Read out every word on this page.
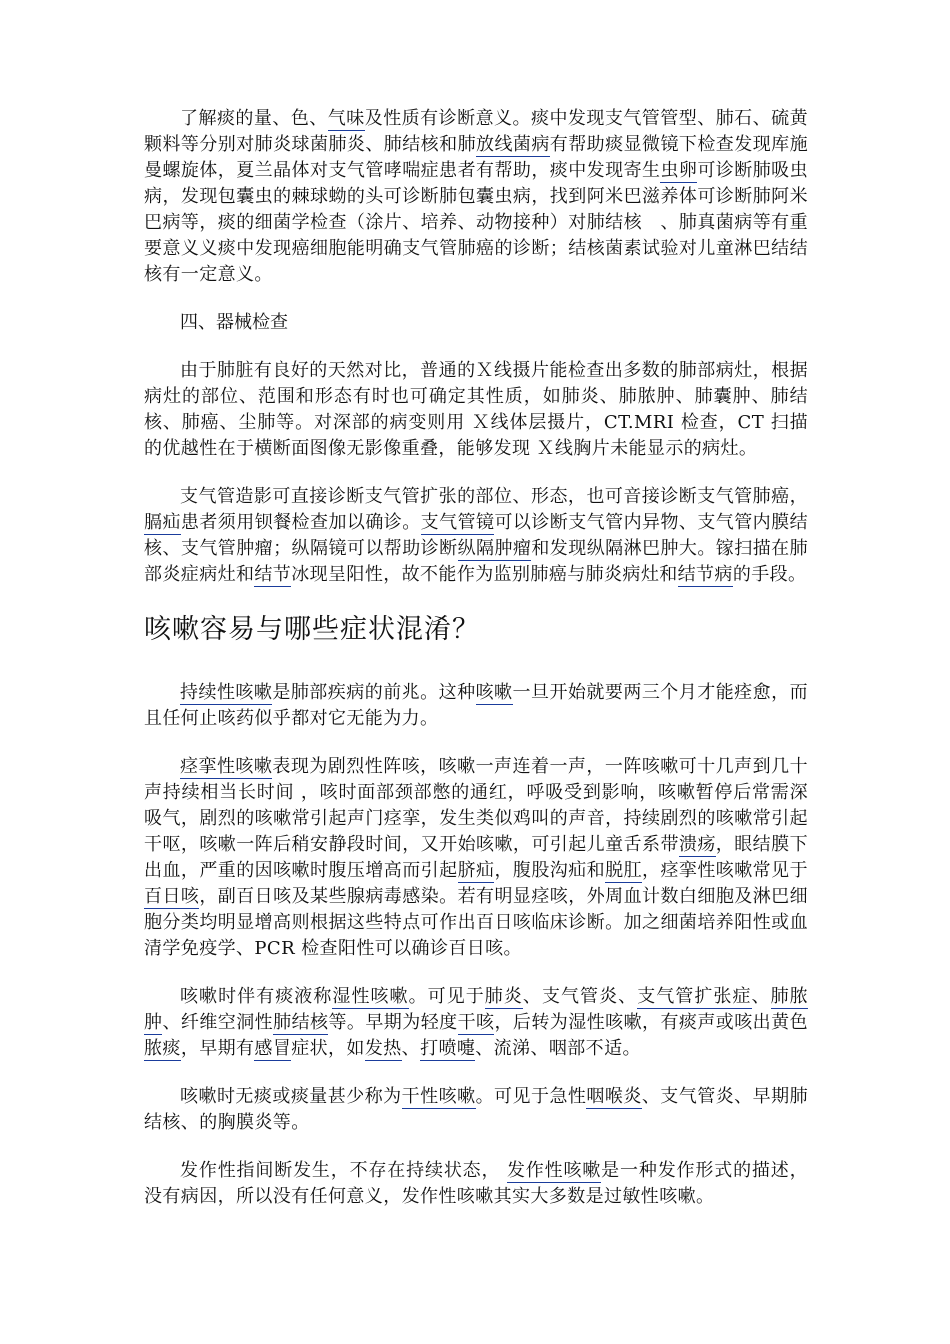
了解痰的量、色、气味及性质有诊断意义。痰中发现支气管管型、肺石、硫黄颗料等分别对肺炎球菌肺炎、肺结核和肺放线菌病有帮助痰显微镜下检查发现库施曼螺旋体，夏兰晶体对支气管哮喘症患者有帮助，痰中发现寄生虫卵可诊断肺吸虫病，发现包囊虫的棘球蚴的头可诊断肺包囊虫病，找到阿米巴滋养体可诊断肺阿米巴病等，痰的细菌学检查（涂片、培养、动物接种）对肺结核　、肺真菌病等有重要意义义痰中发现癌细胞能明确支气管肺癌的诊断；结核菌素试验对儿童淋巴结结核有一定意义。

四、器械检查

由于肺脏有良好的天然对比，普通的Ｘ线摄片能检查出多数的肺部病灶，根据病灶的部位、范围和形态有时也可确定其性质，如肺炎、肺脓肿、肺囊肿、肺结核、肺癌、尘肺等。对深部的病变则用 Ｘ线体层摄片，CT.MRI 检查，CT 扫描的优越性在于横断面图像无影像重叠，能够发现 Ｘ线胸片未能显示的病灶。

支气管造影可直接诊断支气管扩张的部位、形态，也可音接诊断支气管肺癌，膈疝患者须用钡餐检查加以确诊。支气管镜可以诊断支气管内异物、支气管内膜结核、支气管肿瘤；纵隔镜可以帮助诊断纵隔肿瘤和发现纵隔淋巴肿大。镓扫描在肺部炎症病灶和结节冰现呈阳性，故不能作为监别肺癌与肺炎病灶和结节病的手段。

咳嗽容易与哪些症状混淆？

持续性咳嗽是肺部疾病的前兆。这种咳嗽一旦开始就要两三个月才能痊愈，而且任何止咳药似乎都对它无能为力。

痉挛性咳嗽表现为剧烈性阵咳，咳嗽一声连着一声，一阵咳嗽可十几声到几十声持续相当长时间 ，咳时面部颈部憋的通红，呼吸受到影响，咳嗽暂停后常需深吸气，剧烈的咳嗽常引起声门痉挛，发生类似鸡叫的声音，持续剧烈的咳嗽常引起干呕，咳嗽一阵后稍安静段时间，又开始咳嗽，可引起儿童舌系带溃疡，眼结膜下出血，严重的因咳嗽时腹压增高而引起脐疝，腹股沟疝和脱肛，痉挛性咳嗽常见于百日咳，副百日咳及某些腺病毒感染。若有明显痉咳，外周血计数白细胞及淋巴细胞分类均明显增高则根据这些特点可作出百日咳临床诊断。加之细菌培养阳性或血清学免疫学、PCR 检查阳性可以确诊百日咳。

咳嗽时伴有痰液称湿性咳嗽。可见于肺炎、支气管炎、支气管扩张症、肺脓肿、纤维空洞性肺结核等。早期为轻度干咳，后转为湿性咳嗽，有痰声或咳出黄色脓痰，早期有感冒症状，如发热、打喷嚏、流涕、咽部不适。

咳嗽时无痰或痰量甚少称为干性咳嗽。可见于急性咽喉炎、支气管炎、早期肺结核、的胸膜炎等。

发作性指间断发生，不存在持续状态， 发作性咳嗽是一种发作形式的描述，没有病因，所以没有任何意义，发作性咳嗽其实大多数是过敏性咳嗽。
